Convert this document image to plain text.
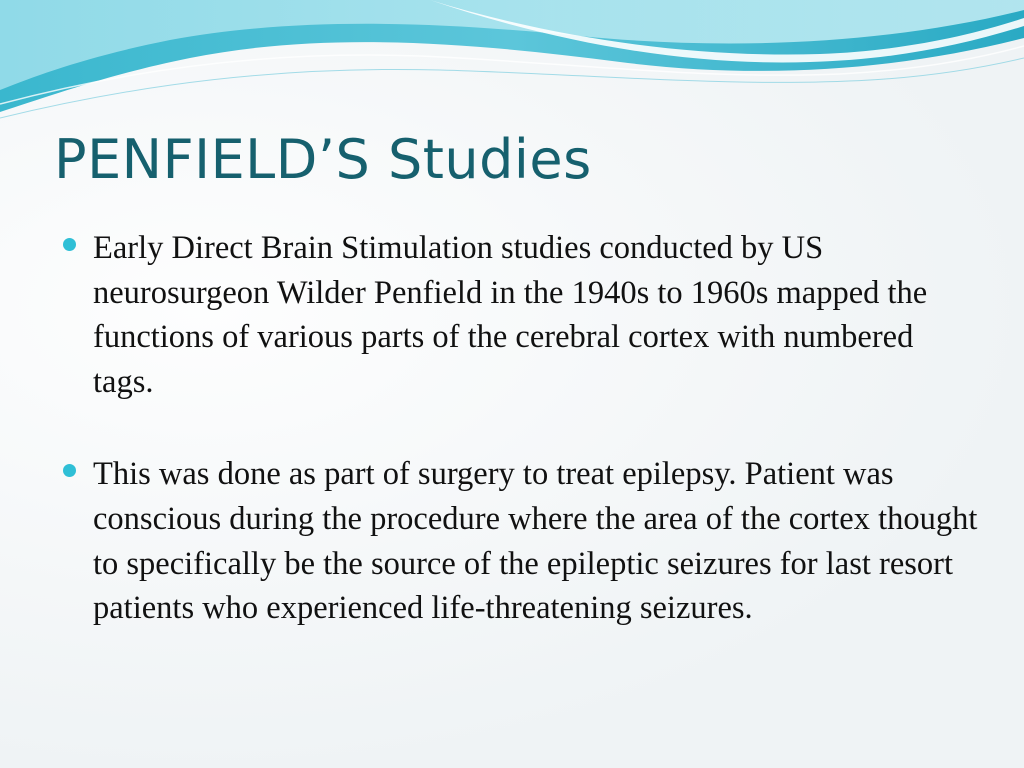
PENFIELD’S Studies
Early Direct Brain Stimulation studies conducted by US neurosurgeon Wilder Penfield in the 1940s to 1960s mapped the functions of various parts of the cerebral cortex with numbered tags.
This was done as part of surgery to treat epilepsy. Patient was conscious during the procedure where the area of the cortex thought to specifically be the source of the epileptic seizures for last resort patients who experienced life-threatening seizures.
